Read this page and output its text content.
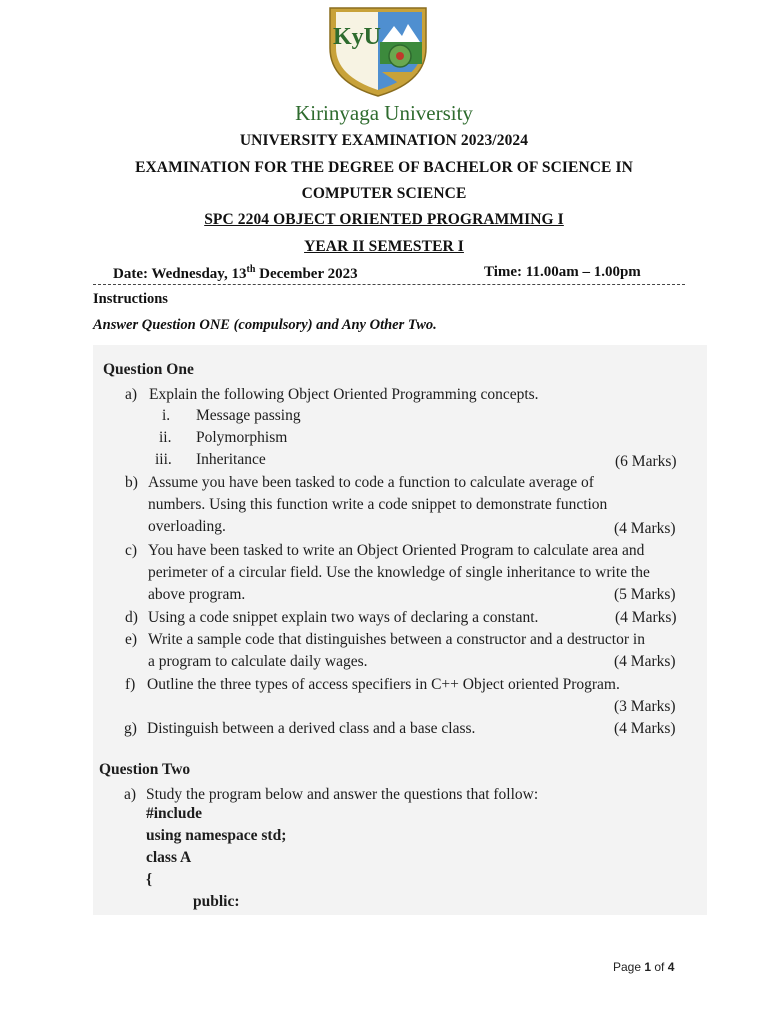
KyU
Kirinyaga University
UNIVERSITY EXAMINATION 2023/2024
EXAMINATION FOR THE DEGREE OF BACHELOR OF SCIENCE IN
COMPUTER SCIENCE
SPC 2204 OBJECT ORIENTED PROGRAMMING I
YEAR II SEMESTER I
Date: Wednesday, 13th December 2023	Time: 11.00am – 1.00pm
Instructions
Answer Question ONE (compulsory) and Any Other Two.
Question One
a) Explain the following Object Oriented Programming concepts.
i. Message passing
ii. Polymorphism
iii. Inheritance	(6 Marks)
b) Assume you have been tasked to code a function to calculate average of
numbers. Using this function write a code snippet to demonstrate function
overloading.	(4 Marks)
c) You have been tasked to write an Object Oriented Program to calculate area and
perimeter of a circular field. Use the knowledge of single inheritance to write the
above program.	(5 Marks)
d) Using a code snippet explain two ways of declaring a constant.	(4 Marks)
e) Write a sample code that distinguishes between a constructor and a destructor in
a program to calculate daily wages.	(4 Marks)
f) Outline the three types of access specifiers in C++ Object oriented Program.
(3 Marks)
g) Distinguish between a derived class and a base class.	(4 Marks)
Question Two
a) Study the program below and answer the questions that follow:
#include
using namespace std;
class A
{
public:
Page 1 of 4
